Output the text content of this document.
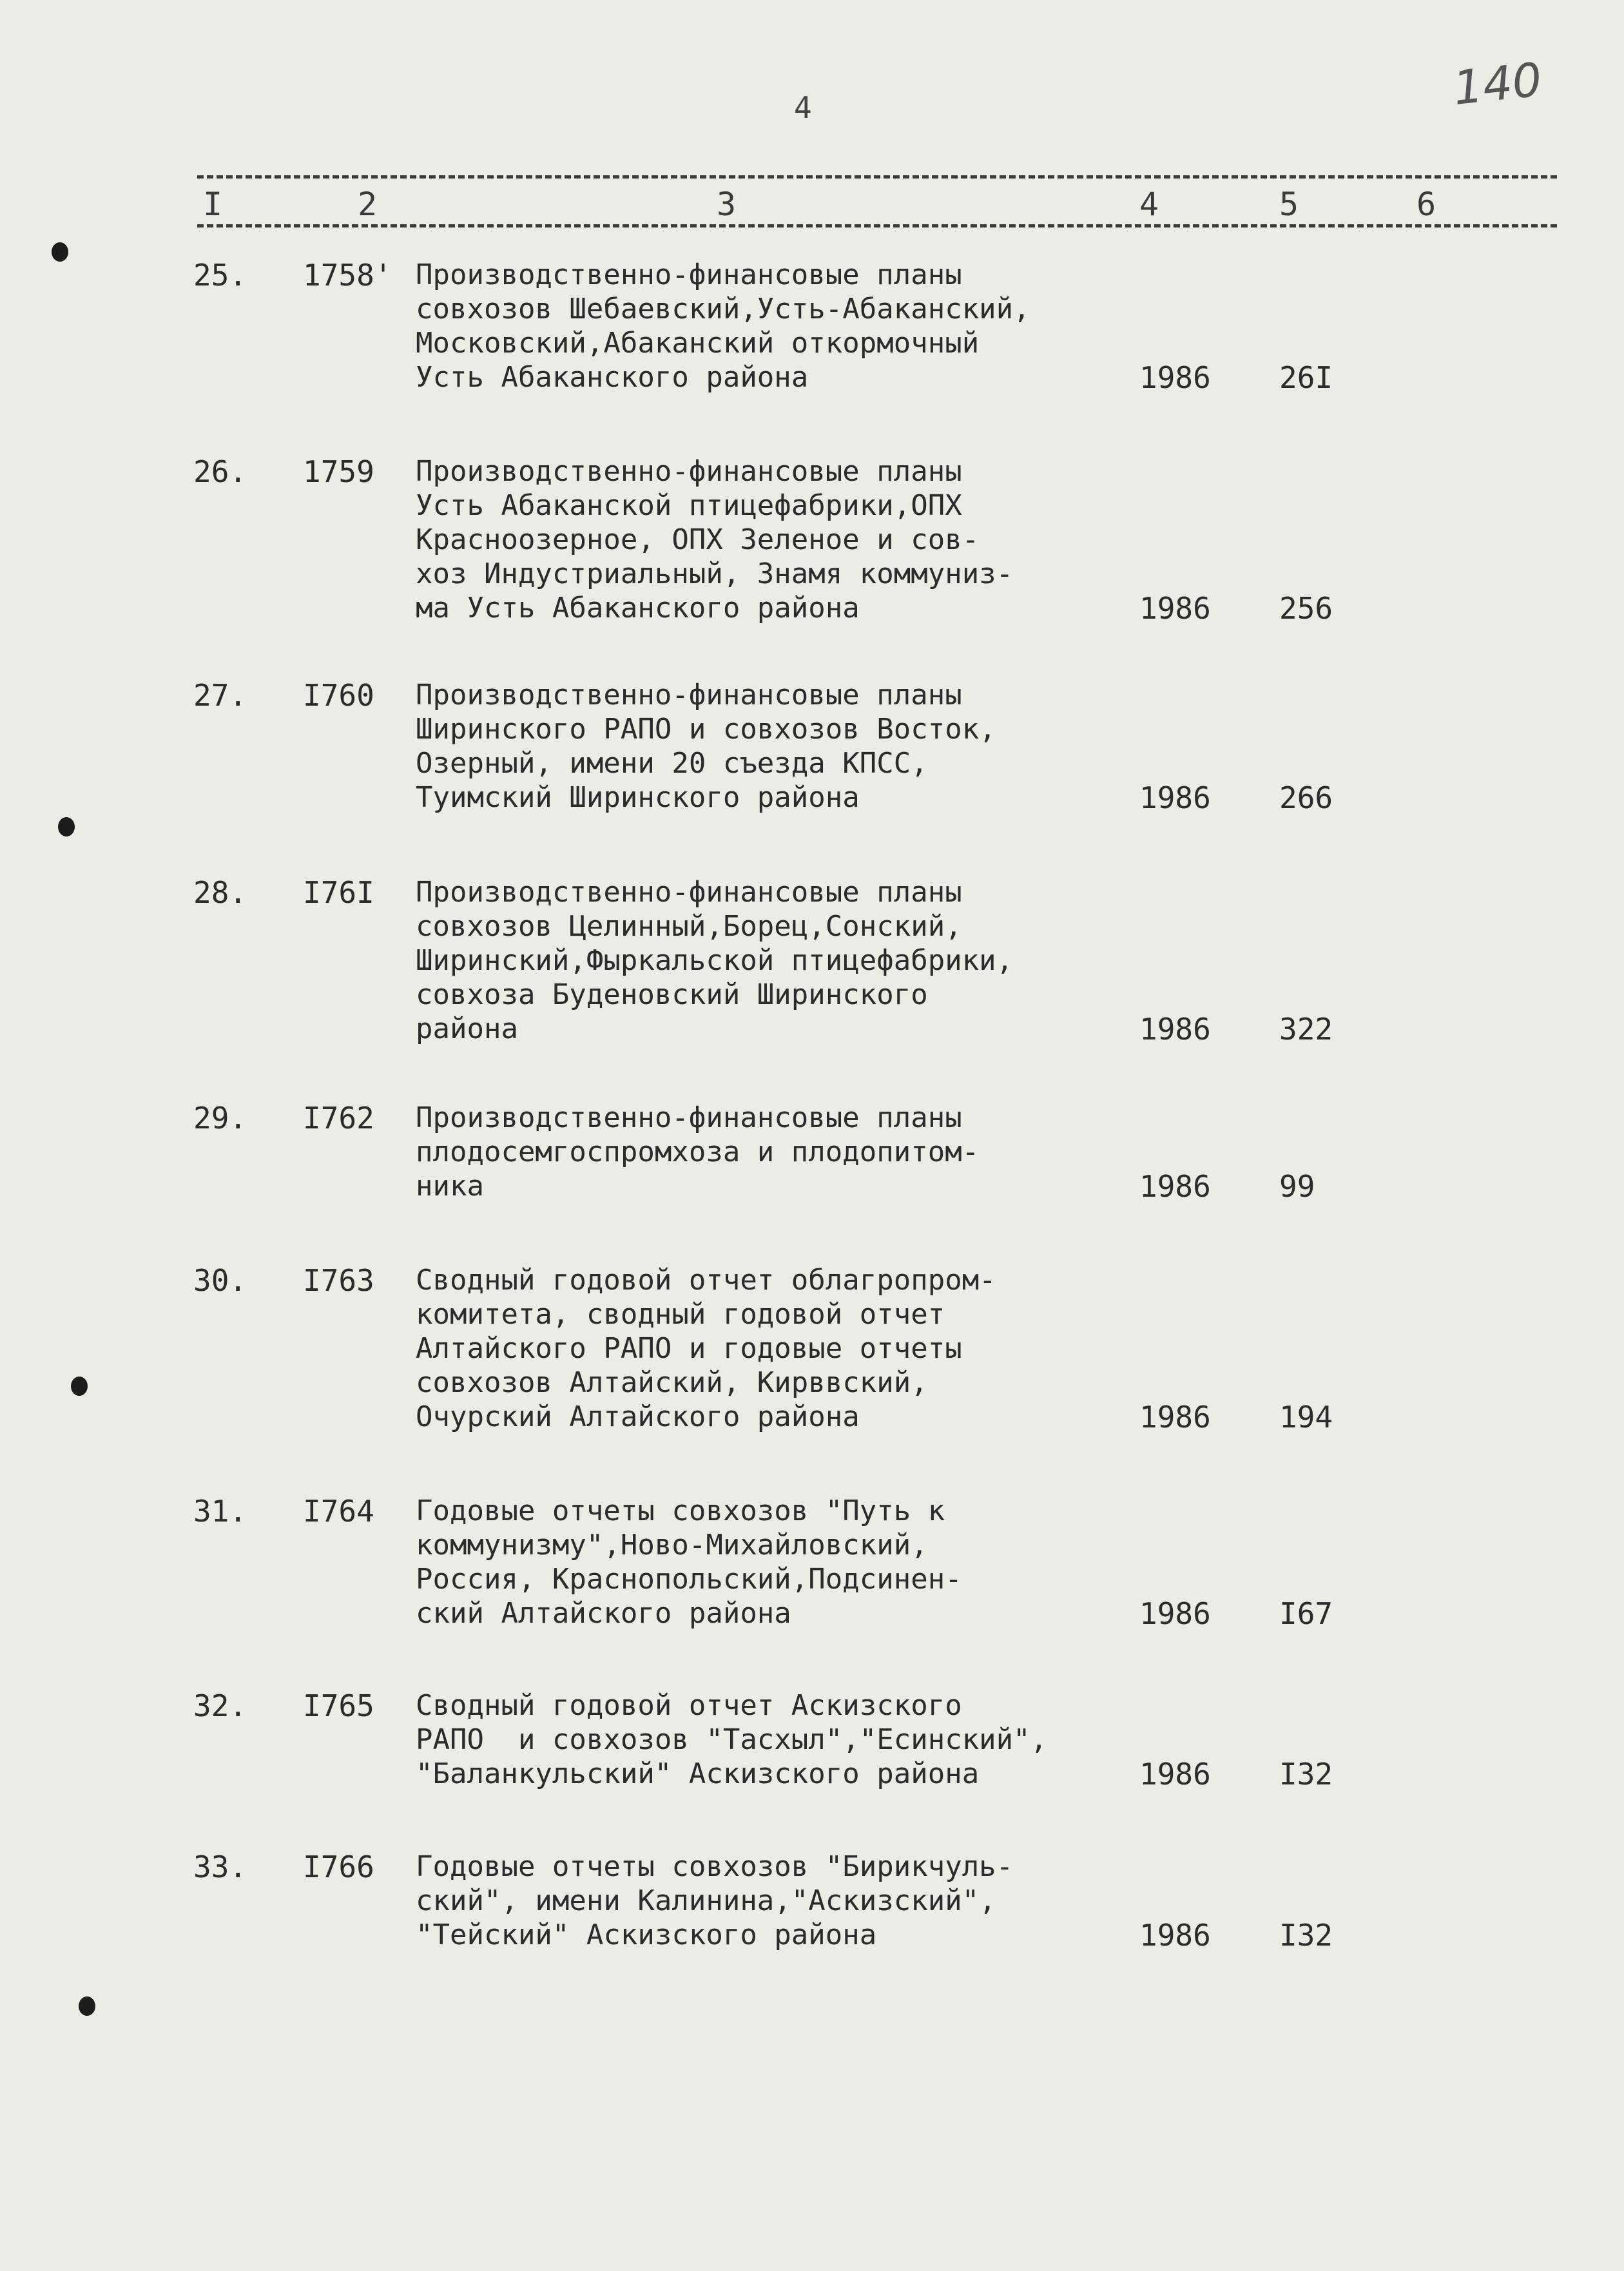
140
4
I	2	3	4	5	6
25. 1758' Производственно-финансовые планы
совхозов Шебаевский,Усть-Абаканский,
Московский,Абаканский откормочный
Усть Абаканского района	1986 26I
26. 1759 Производственно-финансовые планы
Усть Абаканской птицефабрики,ОПХ
Красноозерное, ОПХ Зеленое и сов-
хоз Индустриальный, Знамя коммуниз-
ма Усть Абаканского района	1986 256
27. I760 Производственно-финансовые планы
Ширинского РАПО и совхозов Восток,
Озерный, имени 20 съезда КПСС,
Туимский Ширинского района	1986 266
28. I76I Производственно-финансовые планы
совхозов Целинный,Борец,Сонский,
Ширинский,Фыркальской птицефабрики,
совхоза Буденовский Ширинского
района	1986 322
29. I762 Производственно-финансовые планы
плодосемгоспромхоза и плодопитом-
ника	1986 99
30. I763 Сводный годовой отчет облагропром-
комитета, сводный годовой отчет
Алтайского РАПО и годовые отчеты
совхозов Алтайский, Кирввский,
Очурский Алтайского района	1986 194
31. I764 Годовые отчеты совхозов "Путь к
коммунизму",Ново-Михайловский,
Россия, Краснопольский,Подсинен-
ский Алтайского района	1986 I67
32. I765 Сводный годовой отчет Аскизского
РАПО  и совхозов "Тасхыл","Есинский",
"Баланкульский" Аскизского района	1986 I32
33. I766 Годовые отчеты совхозов "Бирикчуль-
ский", имени Калинина,"Аскизский",
"Тейский" Аскизского района	1986 I32
